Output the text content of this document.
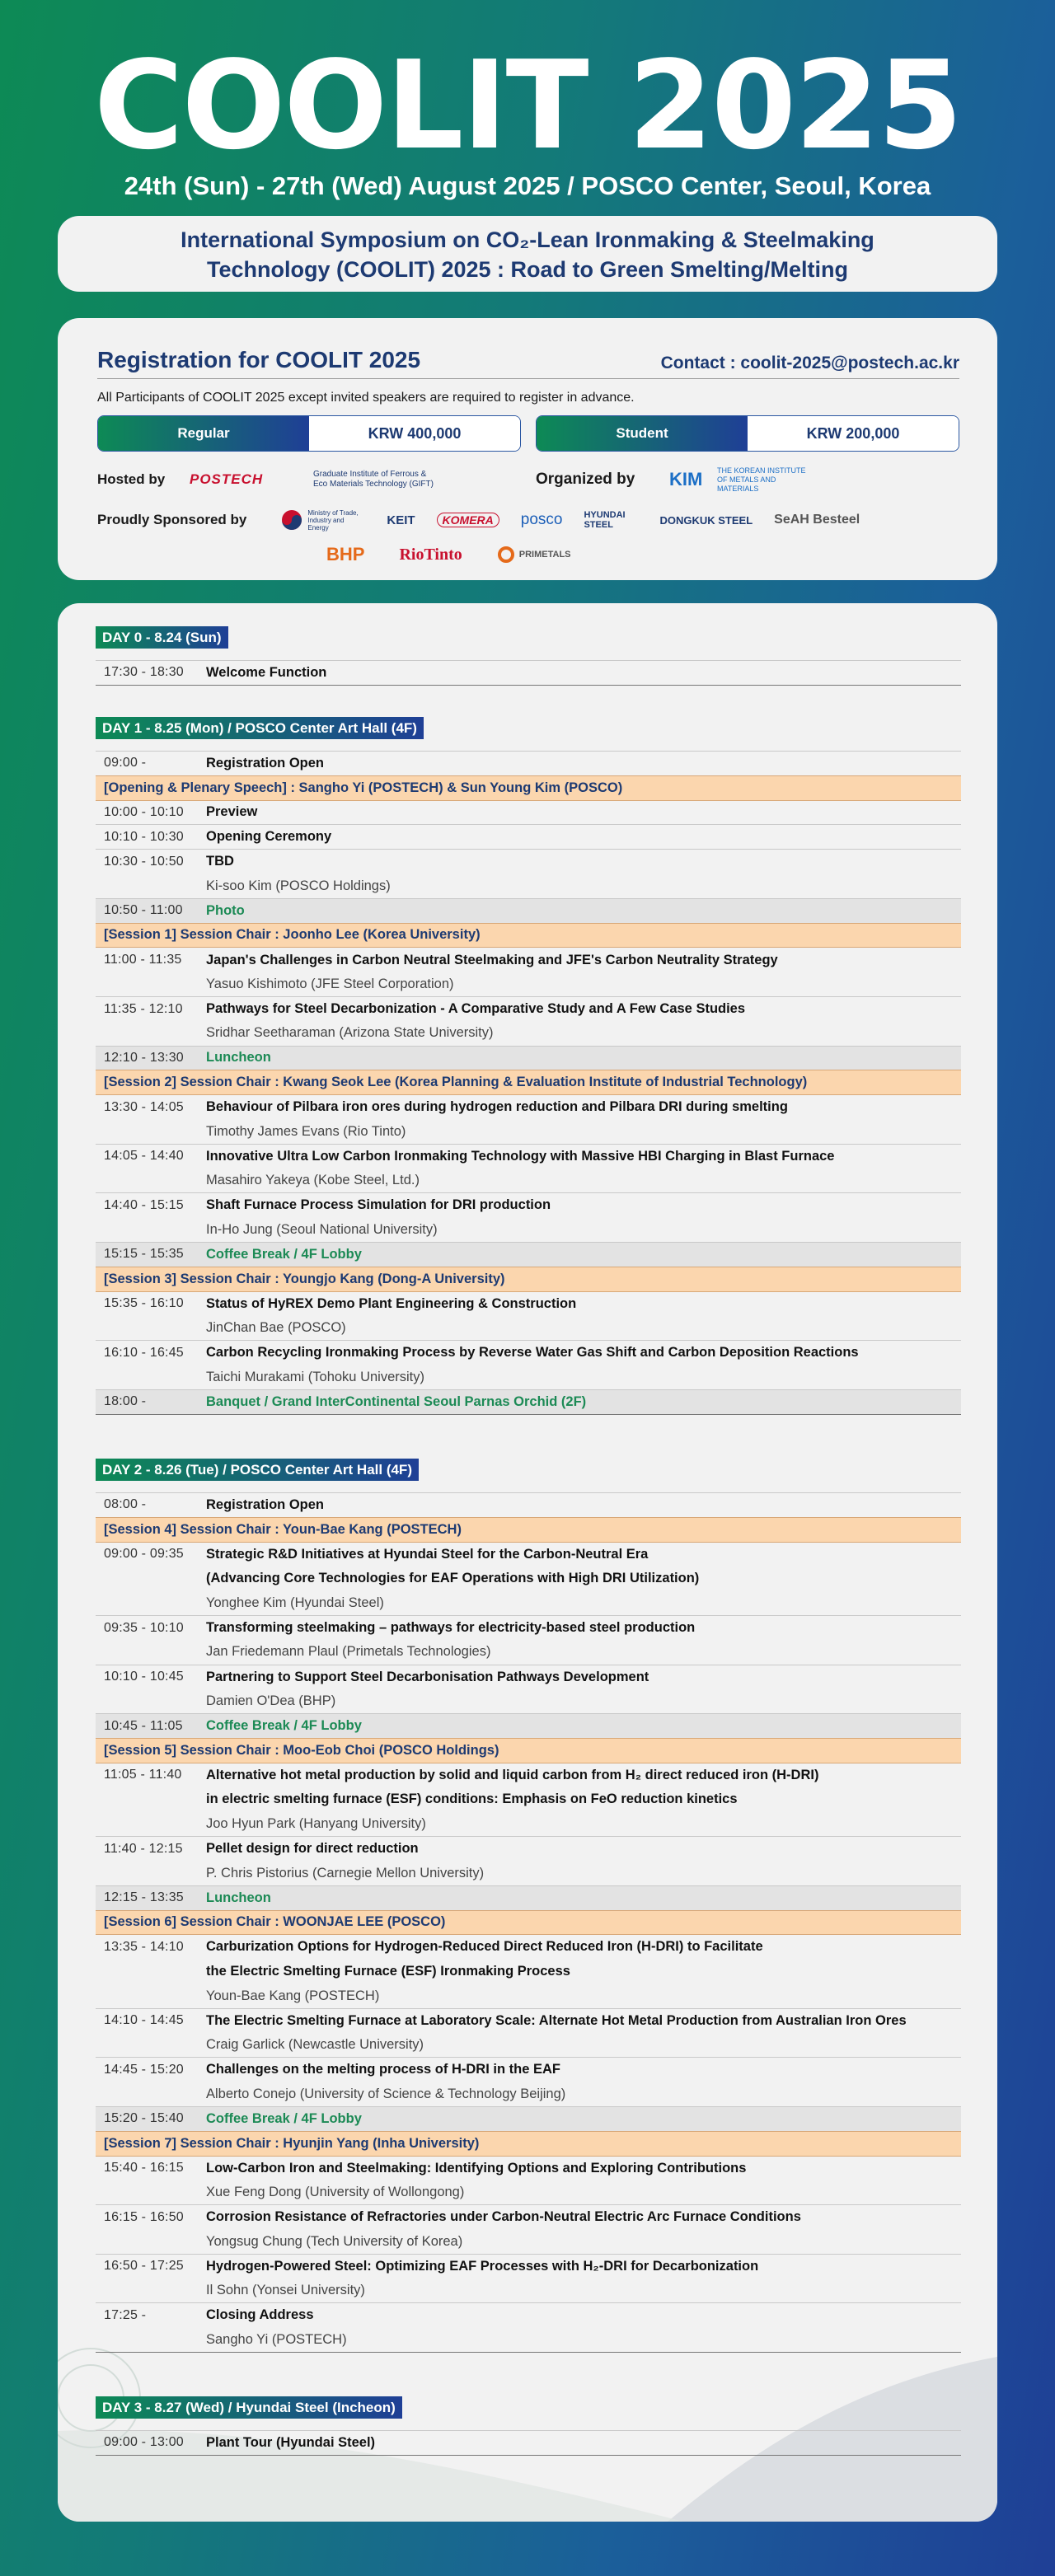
COOLIT 2025
24th (Sun) - 27th (Wed) August 2025 / POSCO Center, Seoul, Korea
International Symposium on CO₂-Lean Ironmaking & Steelmaking
Technology (COOLIT) 2025 : Road to Green Smelting/Melting
Registration for COOLIT 2025	Contact : coolit-2025@postech.ac.kr
All Participants of COOLIT 2025 except invited speakers are required to register in advance.
Regular	KRW 400,000	Student	KRW 200,000
Hosted by	POSTECH	Graduate Institute of Ferrous & Eco Materials Technology (GIFT)	Organized by	KIM	THE KOREAN INSTITUTE OF METALS AND MATERIALS
Proudly Sponsored by	Ministry of Trade, Industry and Energy
KEIT	KOMERA	posco HYUNDAI STEEL	DONGKUK STEEL SeAH Besteel
BHP RioTinto	PRIMETALS
DAY 0 - 8.24 (Sun)
17:30 - 18:30	Welcome Function
DAY 1 - 8.25 (Mon) / POSCO Center Art Hall (4F)
09:00 -	Registration Open
[Opening & Plenary Speech] : Sangho Yi (POSTECH) & Sun Young Kim (POSCO)	
10:00 - 10:10	Preview
10:10 - 10:30	Opening Ceremony
10:30 - 10:50	TBD
	Ki-soo Kim (POSCO Holdings)
10:50 - 11:00	Photo
[Session 1] Session Chair : Joonho Lee (Korea University)	
11:00 - 11:35	Japan's Challenges in Carbon Neutral Steelmaking and JFE's Carbon Neutrality Strategy
	Yasuo Kishimoto (JFE Steel Corporation)
11:35 - 12:10	Pathways for Steel Decarbonization - A Comparative Study and A Few Case Studies
	Sridhar Seetharaman (Arizona State University)
12:10 - 13:30	Luncheon
[Session 2] Session Chair : Kwang Seok Lee (Korea Planning & Evaluation Institute of Industrial Technology)	
13:30 - 14:05	Behaviour of Pilbara iron ores during hydrogen reduction and Pilbara DRI during smelting
	Timothy James Evans (Rio Tinto)
14:05 - 14:40	Innovative Ultra Low Carbon Ironmaking Technology with Massive HBI Charging in Blast Furnace
	Masahiro Yakeya (Kobe Steel, Ltd.)
14:40 - 15:15	Shaft Furnace Process Simulation for DRI production
	In-Ho Jung (Seoul National University)
15:15 - 15:35	Coffee Break / 4F Lobby
[Session 3] Session Chair : Youngjo Kang (Dong-A University)	
15:35 - 16:10	Status of HyREX Demo Plant Engineering & Construction
	JinChan Bae (POSCO)
16:10 - 16:45	Carbon Recycling Ironmaking Process by Reverse Water Gas Shift and Carbon Deposition Reactions
	Taichi Murakami (Tohoku University)
18:00 -	Banquet / Grand InterContinental Seoul Parnas Orchid (2F)
DAY 2 - 8.26 (Tue) / POSCO Center Art Hall (4F)
08:00 -	Registration Open
[Session 4] Session Chair : Youn-Bae Kang (POSTECH)	
09:00 - 09:35	Strategic R&D Initiatives at Hyundai Steel for the Carbon-Neutral Era
	(Advancing Core Technologies for EAF Operations with High DRI Utilization)
	Yonghee Kim (Hyundai Steel)
09:35 - 10:10	Transforming steelmaking – pathways for electricity-based steel production
	Jan Friedemann Plaul (Primetals Technologies)
10:10 - 10:45	Partnering to Support Steel Decarbonisation Pathways Development
	Damien O'Dea (BHP)
10:45 - 11:05	Coffee Break / 4F Lobby
[Session 5] Session Chair : Moo-Eob Choi (POSCO Holdings)	
11:05 - 11:40	Alternative hot metal production by solid and liquid carbon from H₂ direct reduced iron (H-DRI)
	in electric smelting furnace (ESF) conditions: Emphasis on FeO reduction kinetics
	Joo Hyun Park (Hanyang University)
11:40 - 12:15	Pellet design for direct reduction
	P. Chris Pistorius (Carnegie Mellon University)
12:15 - 13:35	Luncheon
[Session 6] Session Chair : WOONJAE LEE (POSCO)	
13:35 - 14:10	Carburization Options for Hydrogen-Reduced Direct Reduced Iron (H-DRI) to Facilitate
	the Electric Smelting Furnace (ESF) Ironmaking Process
	Youn-Bae Kang (POSTECH)
14:10 - 14:45	The Electric Smelting Furnace at Laboratory Scale: Alternate Hot Metal Production from Australian Iron Ores
	Craig Garlick (Newcastle University)
14:45 - 15:20	Challenges on the melting process of H-DRI in the EAF
	Alberto Conejo (University of Science & Technology Beijing)
15:20 - 15:40	Coffee Break / 4F Lobby
[Session 7] Session Chair : Hyunjin Yang (Inha University)	
15:40 - 16:15	Low-Carbon Iron and Steelmaking: Identifying Options and Exploring Contributions
	Xue Feng Dong (University of Wollongong)
16:15 - 16:50	Corrosion Resistance of Refractories under Carbon-Neutral Electric Arc Furnace Conditions
	Yongsug Chung (Tech University of Korea)
16:50 - 17:25	Hydrogen-Powered Steel: Optimizing EAF Processes with H₂-DRI for Decarbonization
	Il Sohn (Yonsei University)
17:25 -	Closing Address
	Sangho Yi (POSTECH)
DAY 3 - 8.27 (Wed) / Hyundai Steel (Incheon)
09:00 - 13:00	Plant Tour (Hyundai Steel)
